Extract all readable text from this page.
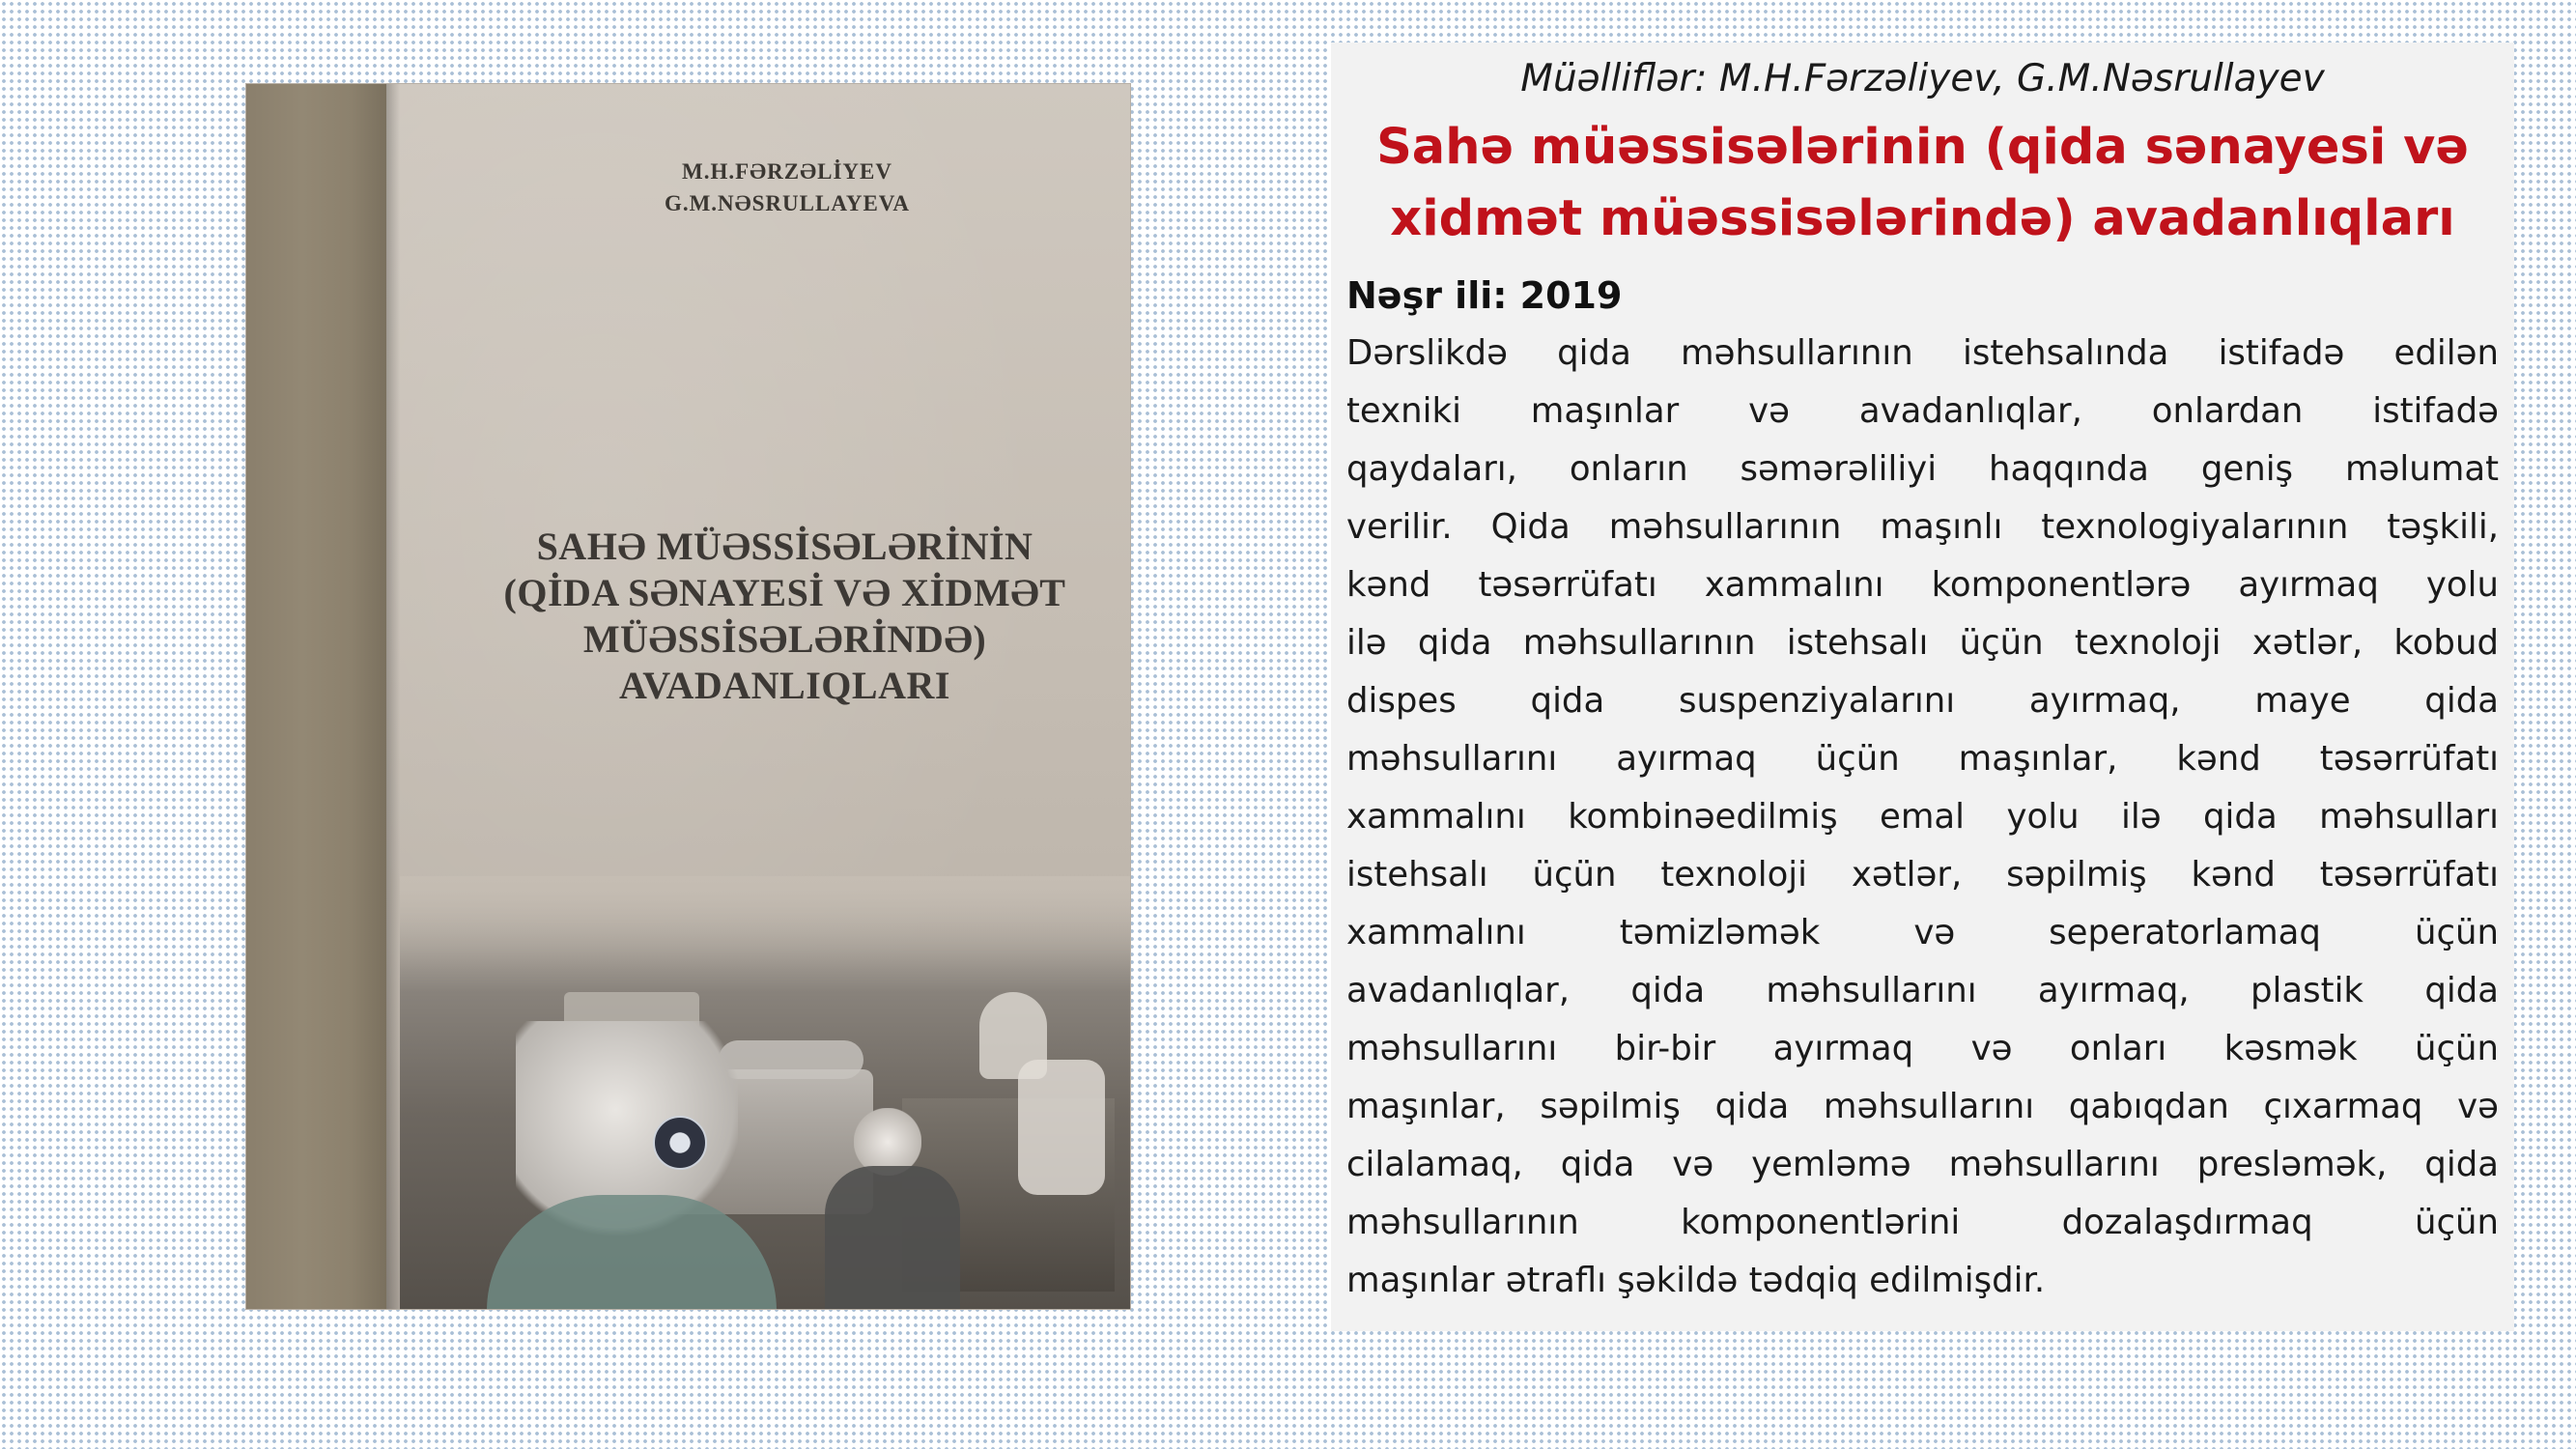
M.H.FƏRZƏLİYEV
G.M.NƏSRULLAYEVA
SAHƏ MÜƏSSİSƏLƏRİNİN
(QİDA SƏNAYESİ VƏ XİDMƏT
MÜƏSSİSƏLƏRİNDƏ)
AVADANLIQLARI
Müəlliflər: M.H.Fərzəliyev, G.M.Nəsrullayev
Sahə müəssisələrinin (qida sənayesi və
xidmət müəssisələrində) avadanlıqları
Nəşr ili: 2019
Dərslikdə qida məhsullarının istehsalında istifadə edilən
texniki maşınlar və avadanlıqlar, onlardan istifadə
qaydaları, onların səmərəliliyi haqqında geniş məlumat
verilir. Qida məhsullarının maşınlı texnologiyalarının təşkili,
kənd təsərrüfatı xammalını komponentlərə ayırmaq yolu
ilə qida məhsullarının istehsalı üçün texnoloji xətlər, kobud
dispes qida suspenziyalarını ayırmaq, maye qida
məhsullarını ayırmaq üçün maşınlar, kənd təsərrüfatı
xammalını kombinəedilmiş emal yolu ilə qida məhsulları
istehsalı üçün texnoloji xətlər, səpilmiş kənd təsərrüfatı
xammalını təmizləmək və seperatorlamaq üçün
avadanlıqlar, qida məhsullarını ayırmaq, plastik qida
məhsullarını bir-bir ayırmaq və onları kəsmək üçün
maşınlar, səpilmiş qida məhsullarını qabıqdan çıxarmaq və
cilalamaq, qida və yemləmə məhsullarını presləmək, qida
məhsullarının komponentlərini dozalaşdırmaq üçün
maşınlar ətraflı şəkildə tədqiq edilmişdir.
